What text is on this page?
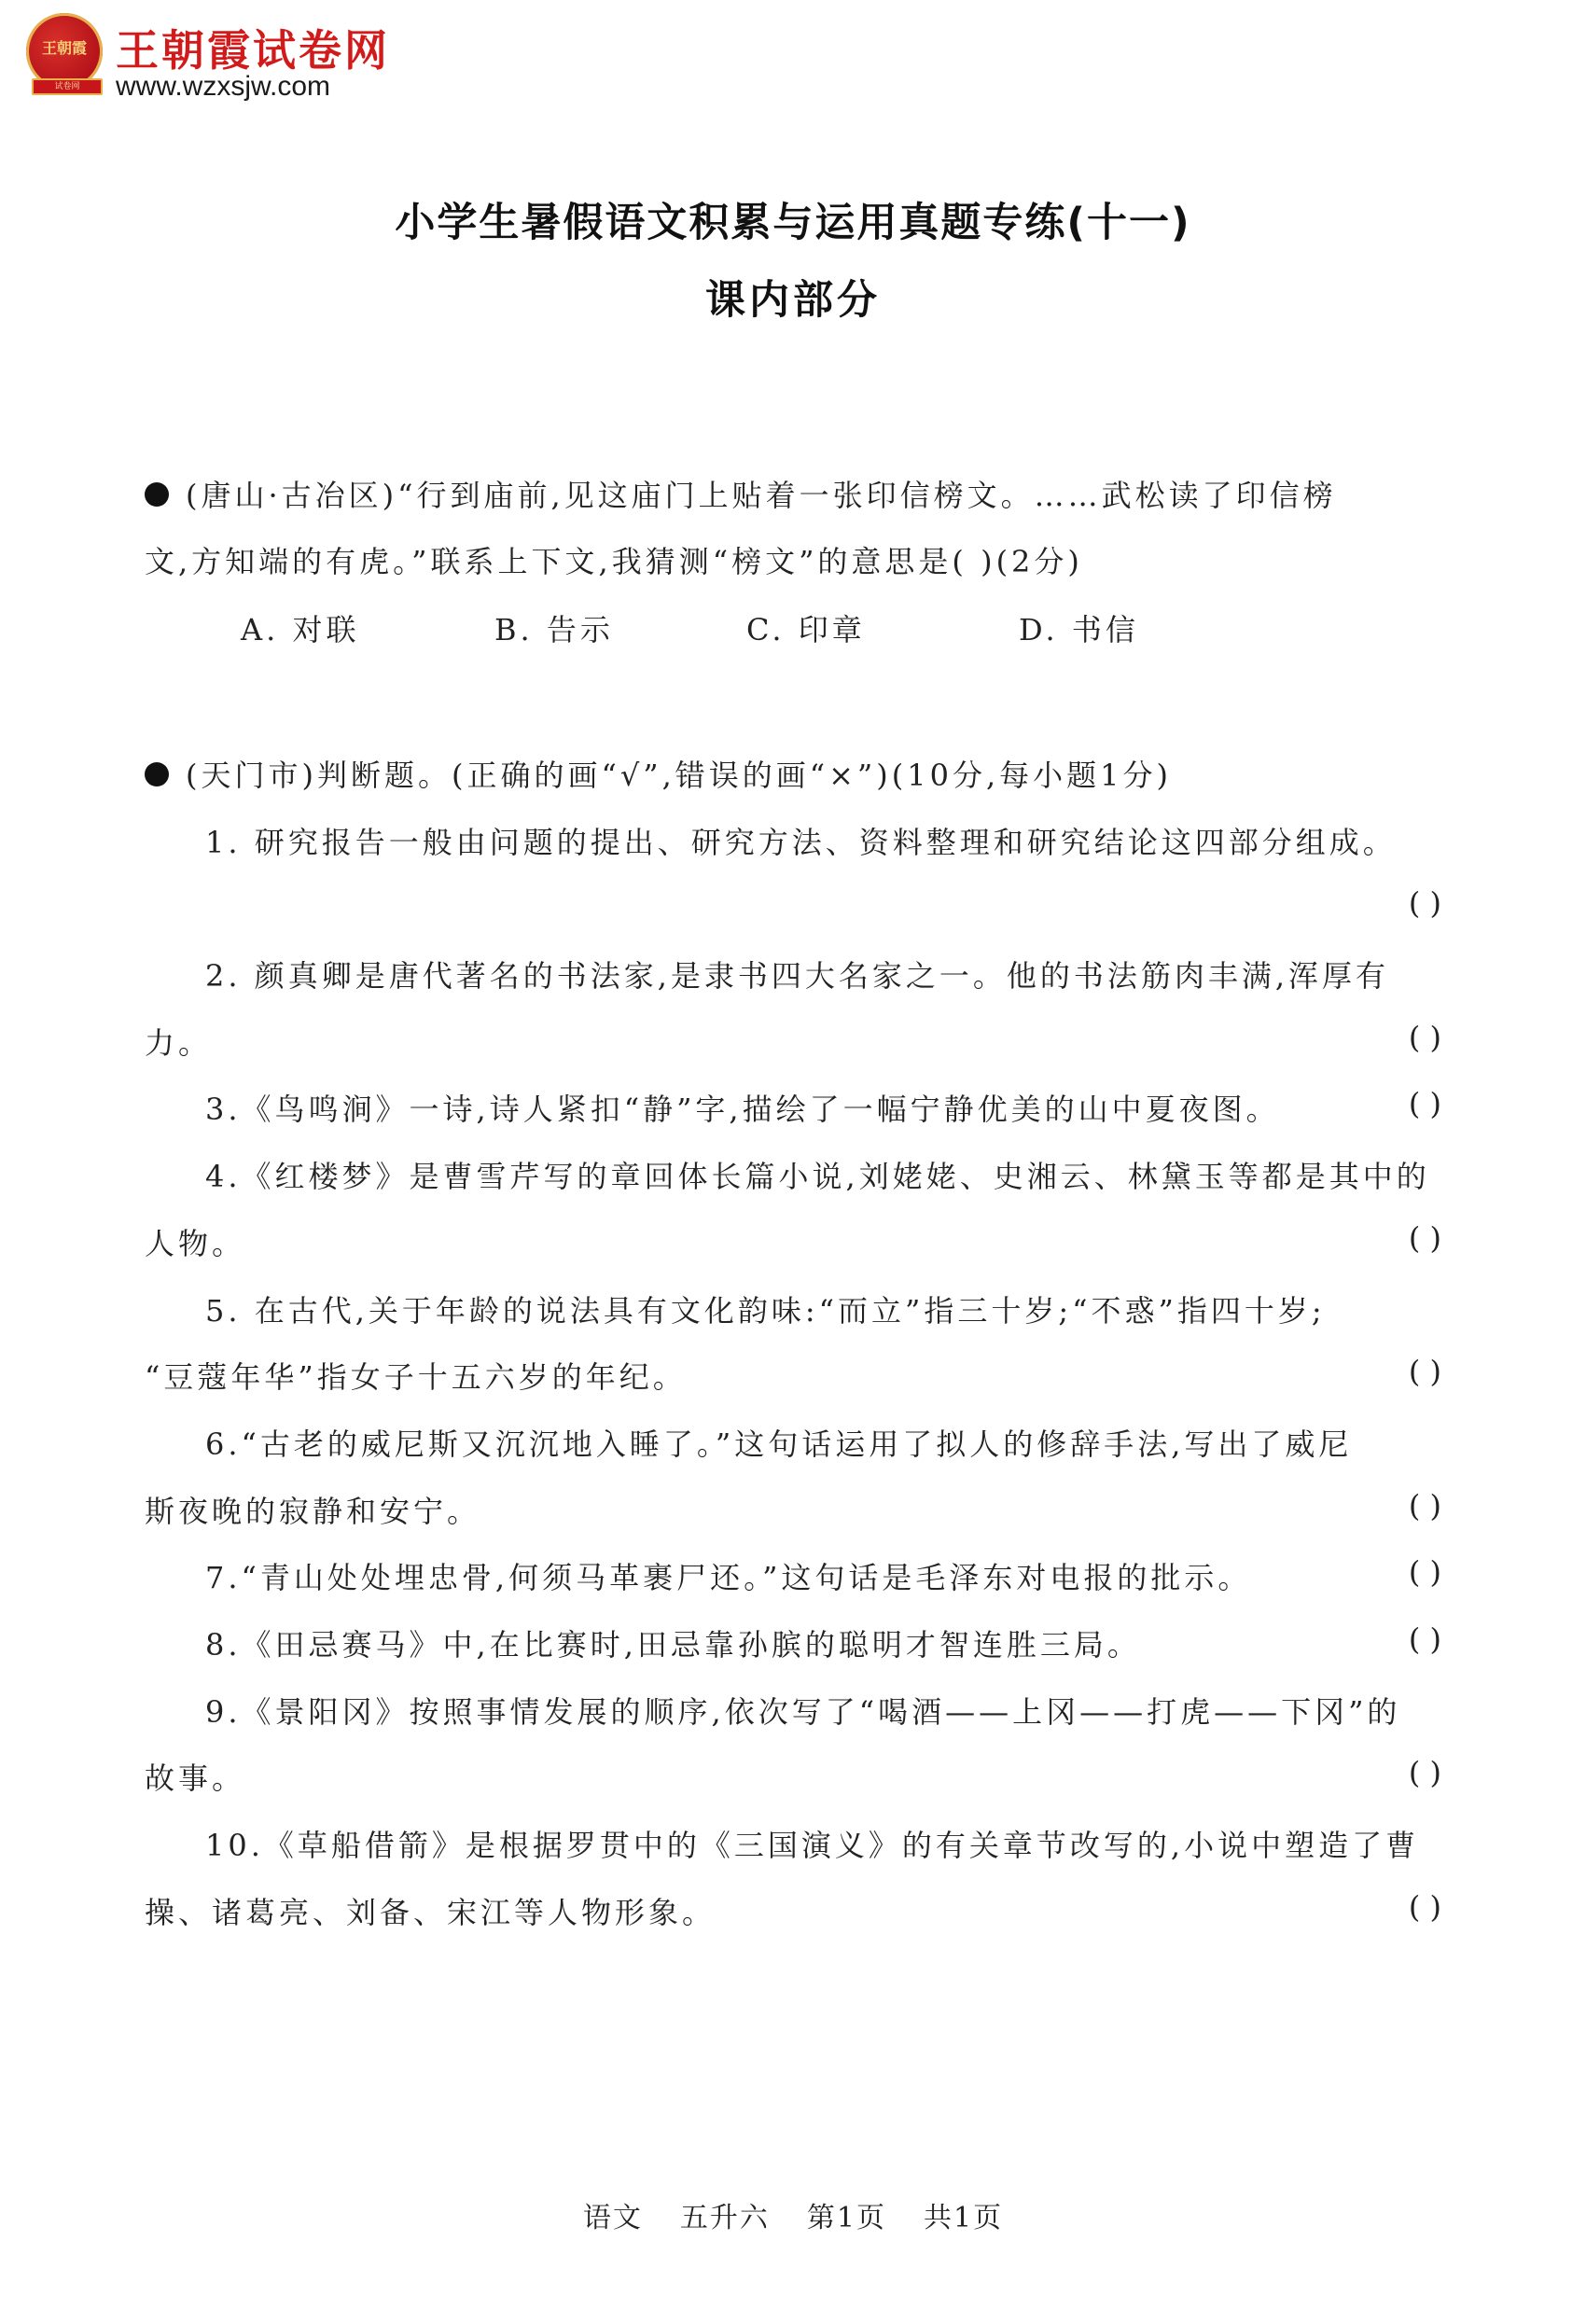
王朝霞
试卷网
王朝霞试卷网
www.wzxsjw.com
小学生暑假语文积累与运用真题专练(十一)
课内部分
(唐山·古冶区)“行到庙前,见这庙门上贴着一张印信榜文。……武松读了印信榜
文,方知端的有虎。”联系上下文,我猜测“榜文”的意思是( )(2分)
A. 对联	B. 告示	C. 印章	D. 书信
(天门市)判断题。(正确的画“√”,错误的画“×”)(10分,每小题1分)
1. 研究报告一般由问题的提出、研究方法、资料整理和研究结论这四部分组成。
( )
2. 颜真卿是唐代著名的书法家,是隶书四大名家之一。他的书法筋肉丰满,浑厚有
力。	( )
3.《鸟鸣涧》一诗,诗人紧扣“静”字,描绘了一幅宁静优美的山中夏夜图。	( )
4.《红楼梦》是曹雪芹写的章回体长篇小说,刘姥姥、史湘云、林黛玉等都是其中的
人物。	( )
5. 在古代,关于年龄的说法具有文化韵味:“而立”指三十岁;“不惑”指四十岁;
“豆蔻年华”指女子十五六岁的年纪。	( )
6.“古老的威尼斯又沉沉地入睡了。”这句话运用了拟人的修辞手法,写出了威尼
斯夜晚的寂静和安宁。	( )
7.“青山处处埋忠骨,何须马革裹尸还。”这句话是毛泽东对电报的批示。	( )
8.《田忌赛马》中,在比赛时,田忌靠孙膑的聪明才智连胜三局。	( )
9.《景阳冈》按照事情发展的顺序,依次写了“喝酒——上冈——打虎——下冈”的
故事。	( )
10.《草船借箭》是根据罗贯中的《三国演义》的有关章节改写的,小说中塑造了曹
操、诸葛亮、刘备、宋江等人物形象。	( )
语文 五升六 第1页 共1页
